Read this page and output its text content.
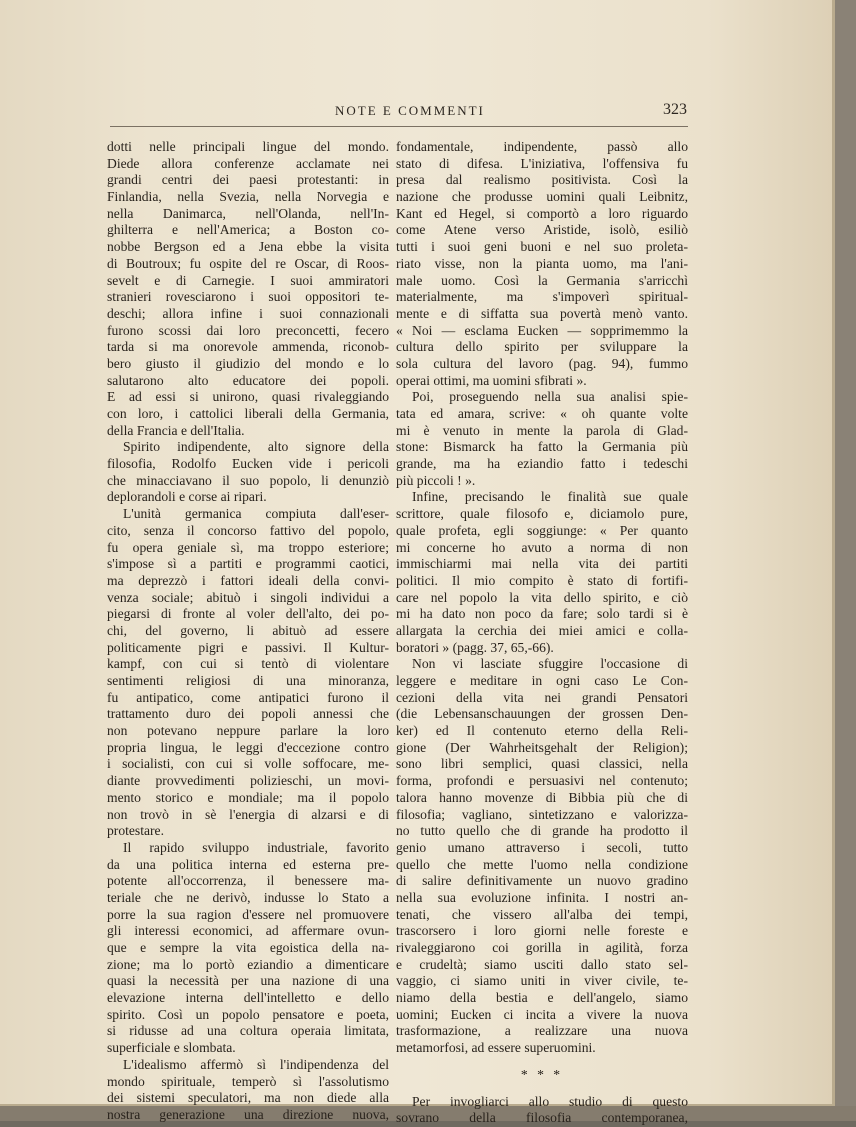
NOTE E COMMENTI	323
dotti nelle principali lingue del mondo.
Diede allora conferenze acclamate nei
grandi centri dei paesi protestanti: in
Finlandia, nella Svezia, nella Norvegia e
nella Danimarca, nell'Olanda, nell'In-
ghilterra e nell'America; a Boston co-
nobbe Bergson ed a Jena ebbe la visita
di Boutroux; fu ospite del re Oscar, di Roos-
sevelt e di Carnegie. I suoi ammiratori
stranieri rovesciarono i suoi oppositori te-
deschi; allora infine i suoi connazionali
furono scossi dai loro preconcetti, fecero
tarda si ma onorevole ammenda, riconob-
bero giusto il giudizio del mondo e lo
salutarono alto educatore dei popoli.
E ad essi si unirono, quasi rivaleggiando
con loro, i cattolici liberali della Germania,
della Francia e dell'Italia.
Spirito indipendente, alto signore della
filosofia, Rodolfo Eucken vide i pericoli
che minacciavano il suo popolo, li denunziò
deplorandoli e corse ai ripari.
L'unità germanica compiuta dall'eser-
cito, senza il concorso fattivo del popolo,
fu opera geniale sì, ma troppo esteriore;
s'impose sì a partiti e programmi caotici,
ma deprezzò i fattori ideali della convi-
venza sociale; abituò i singoli individui a
piegarsi di fronte al voler dell'alto, dei po-
chi, del governo, li abituò ad essere
politicamente pigri e passivi. Il Kultur-
kampf, con cui si tentò di violentare
sentimenti religiosi di una minoranza,
fu antipatico, come antipatici furono il
trattamento duro dei popoli annessi che
non potevano neppure parlare la loro
propria lingua, le leggi d'eccezione contro
i socialisti, con cui si volle soffocare, me-
diante provvedimenti polizieschi, un movi-
mento storico e mondiale; ma il popolo
non trovò in sè l'energia di alzarsi e di
protestare.
Il rapido sviluppo industriale, favorito
da una politica interna ed esterna pre-
potente all'occorrenza, il benessere ma-
teriale che ne derivò, indusse lo Stato a
porre la sua ragion d'essere nel promuovere
gli interessi economici, ad affermare ovun-
que e sempre la vita egoistica della na-
zione; ma lo portò eziandio a dimenticare
quasi la necessità per una nazione di una
elevazione interna dell'intelletto e dello
spirito. Così un popolo pensatore e poeta,
si ridusse ad una coltura operaia limitata,
superficiale e slombata.
L'idealismo affermò sì l'indipendenza del
mondo spirituale, temperò sì l'assolutismo
dei sistemi speculatori, ma non diede alla
nostra generazione una direzione nuova,
fondamentale, indipendente, passò allo
stato di difesa. L'iniziativa, l'offensiva fu
presa dal realismo positivista. Così la
nazione che produsse uomini quali Leibnitz,
Kant ed Hegel, si comportò a loro riguardo
come Atene verso Aristide, isolò, esiliò
tutti i suoi geni buoni e nel suo proleta-
riato visse, non la pianta uomo, ma l'ani-
male uomo. Così la Germania s'arricchì
materialmente, ma s'impoverì spiritual-
mente e di siffatta sua povertà menò vanto.
« Noi — esclama Eucken — sopprimemmo la
cultura dello spirito per sviluppare la
sola cultura del lavoro (pag. 94), fummo
operai ottimi, ma uomini sfibrati ».
Poi, proseguendo nella sua analisi spie-
tata ed amara, scrive: « oh quante volte
mi è venuto in mente la parola di Glad-
stone: Bismarck ha fatto la Germania più
grande, ma ha eziandio fatto i tedeschi
più piccoli ! ».
Infine, precisando le finalità sue quale
scrittore, quale filosofo e, diciamolo pure,
quale profeta, egli soggiunge: « Per quanto
mi concerne ho avuto a norma di non
immischiarmi mai nella vita dei partiti
politici. Il mio compito è stato di fortifi-
care nel popolo la vita dello spirito, e ciò
mi ha dato non poco da fare; solo tardi si è
allargata la cerchia dei miei amici e colla-
boratori » (pagg. 37, 65,-66).
Non vi lasciate sfuggire l'occasione di
leggere e meditare in ogni caso Le Con-
cezioni della vita nei grandi Pensatori
(die Lebensanschauungen der grossen Den-
ker) ed Il contenuto eterno della Reli-
gione (Der Wahrheitsgehalt der Religion);
sono libri semplici, quasi classici, nella
forma, profondi e persuasivi nel contenuto;
talora hanno movenze di Bibbia più che di
filosofia; vagliano, sintetizzano e valorizza-
no tutto quello che di grande ha prodotto il
genio umano attraverso i secoli, tutto
quello che mette l'uomo nella condizione
di salire definitivamente un nuovo gradino
nella sua evoluzione infinita. I nostri an-
tenati, che vissero all'alba dei tempi,
trascorsero i loro giorni nelle foreste e
rivaleggiarono coi gorilla in agilità, forza
e crudeltà; siamo usciti dallo stato sel-
vaggio, ci siamo uniti in viver civile, te-
niamo della bestia e dell'angelo, siamo
uomini; Eucken ci incita a vivere la nuova
trasformazione, a realizzare una nuova
metamorfosi, ad essere superuomini.
* * *
Per invogliarci allo studio di questo
sovrano della filosofia contemporanea,
